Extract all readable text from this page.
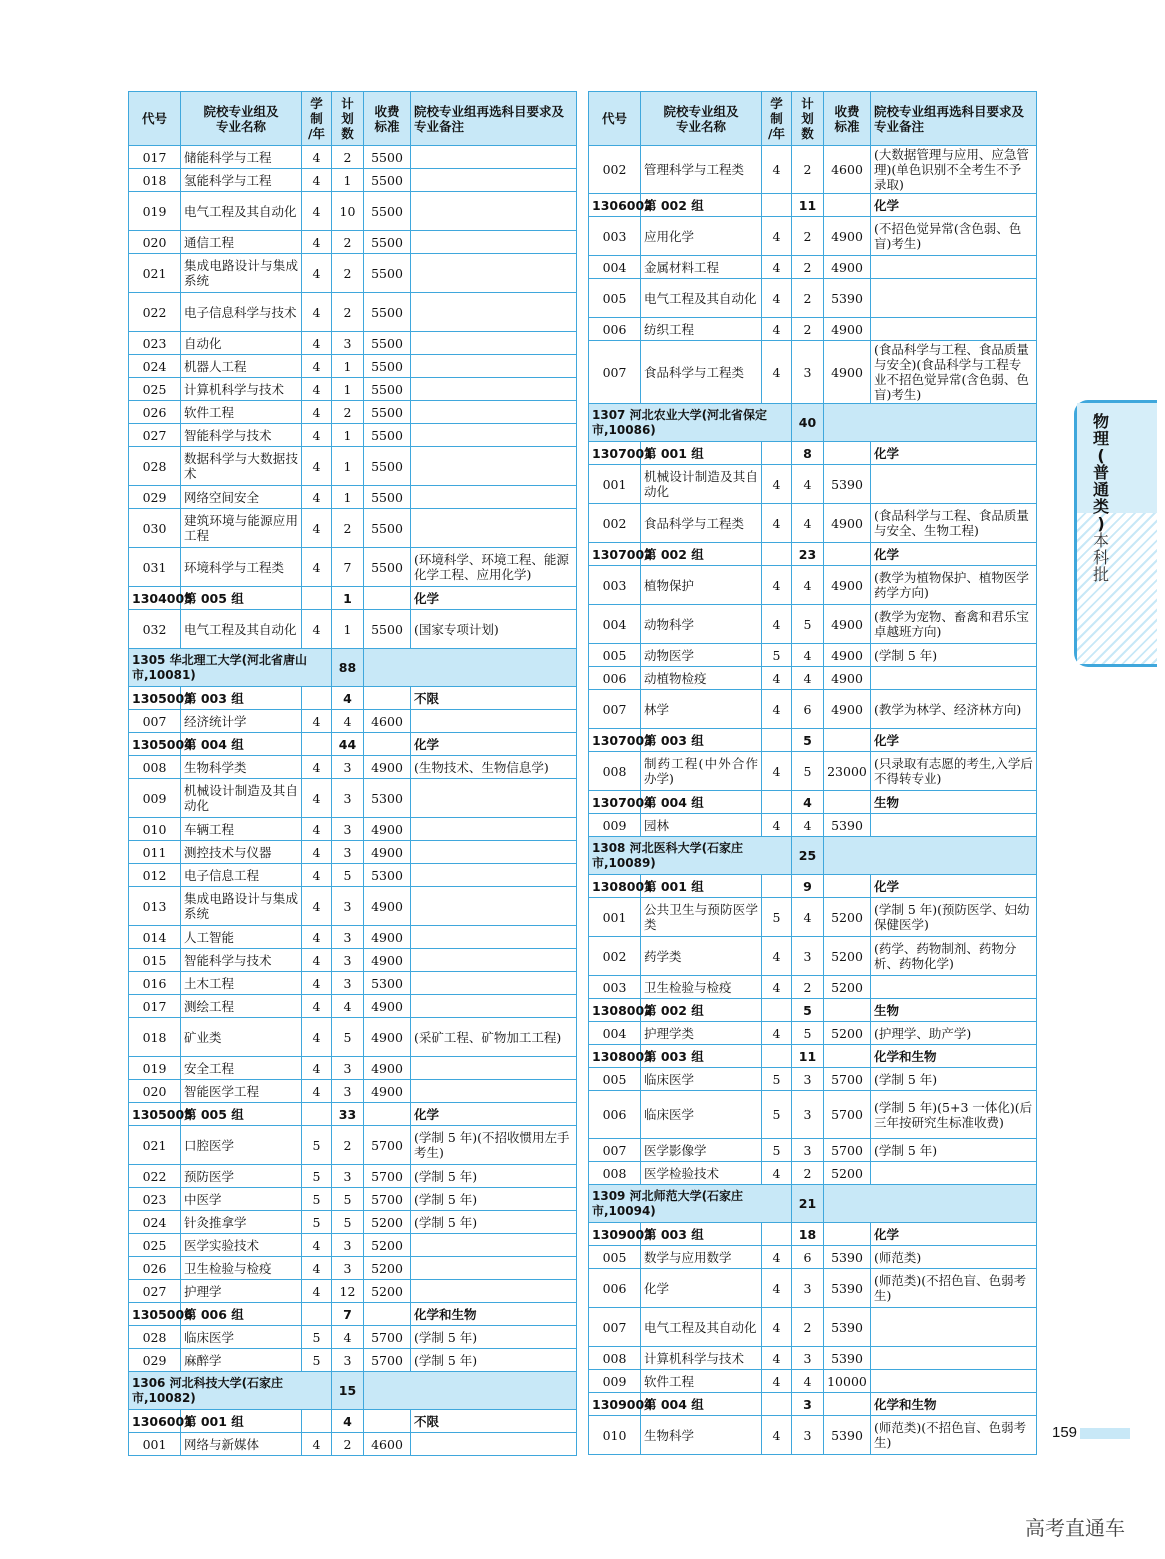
代号	院校专业组及
专业名称	学
制
/年	计
划
数	收费
标准	院校专业组再选科目要求及专业备注
017	储能科学与工程	4	2	5500	
018	氢能科学与工程	4	1	5500	
019	电气工程及其自动化	4	10	5500	
020	通信工程	4	2	5500	
021	集成电路设计与集成系统	4	2	5500	
022	电子信息科学与技术	4	2	5500	
023	自动化	4	3	5500	
024	机器人工程	4	1	5500	
025	计算机科学与技术	4	1	5500	
026	软件工程	4	2	5500	
027	智能科学与技术	4	1	5500	
028	数据科学与大数据技术	4	1	5500	
029	网络空间安全	4	1	5500	
030	建筑环境与能源应用工程	4	2	5500	
031	环境科学与工程类	4	7	5500	(环境科学、环境工程、能源化学工程、应用化学)
1304005	第 005 组		1		化学
032	电气工程及其自动化	4	1	5500	(国家专项计划)
1305 华北理工大学(河北省唐山市,10081)			88		
1305003	第 003 组		4		不限
007	经济统计学	4	4	4600	
1305004	第 004 组		44		化学
008	生物科学类	4	3	4900	(生物技术、生物信息学)
009	机械设计制造及其自动化	4	3	5300	
010	车辆工程	4	3	4900	
011	测控技术与仪器	4	3	4900	
012	电子信息工程	4	5	5300	
013	集成电路设计与集成系统	4	3	4900	
014	人工智能	4	3	4900	
015	智能科学与技术	4	3	4900	
016	土木工程	4	3	5300	
017	测绘工程	4	4	4900	
018	矿业类	4	5	4900	(采矿工程、矿物加工工程)
019	安全工程	4	3	4900	
020	智能医学工程	4	3	4900	
1305005	第 005 组		33		化学
021	口腔医学	5	2	5700	(学制 5 年)(不招收惯用左手考生)
022	预防医学	5	3	5700	(学制 5 年)
023	中医学	5	5	5700	(学制 5 年)
024	针灸推拿学	5	5	5200	(学制 5 年)
025	医学实验技术	4	3	5200	
026	卫生检验与检疫	4	3	5200	
027	护理学	4	12	5200	
1305006	第 006 组		7		化学和生物
028	临床医学	5	4	5700	(学制 5 年)
029	麻醉学	5	3	5700	(学制 5 年)
1306 河北科技大学(石家庄市,10082)			15		
1306001	第 001 组		4		不限
001	网络与新媒体	4	2	4600	
代号	院校专业组及
专业名称	学
制
/年	计
划
数	收费
标准	院校专业组再选科目要求及专业备注
002	管理科学与工程类	4	2	4600	(大数据管理与应用、应急管理)(单色识别不全考生不予录取)
1306002	第 002 组		11		化学
003	应用化学	4	2	4900	(不招色觉异常(含色弱、色盲)考生)
004	金属材料工程	4	2	4900	
005	电气工程及其自动化	4	2	5390	
006	纺织工程	4	2	4900	
007	食品科学与工程类	4	3	4900	(食品科学与工程、食品质量与安全)(食品科学与工程专业不招色觉异常(含色弱、色盲)考生)
1307 河北农业大学(河北省保定市,10086)			40		
1307001	第 001 组		8		化学
001	机械设计制造及其自动化	4	4	5390	
002	食品科学与工程类	4	4	4900	(食品科学与工程、食品质量与安全、生物工程)
1307002	第 002 组		23		化学
003	植物保护	4	4	4900	(教学为植物保护、植物医学药学方向)
004	动物科学	4	5	4900	(教学为宠物、畜禽和君乐宝卓越班方向)
005	动物医学	5	4	4900	(学制 5 年)
006	动植物检疫	4	4	4900	
007	林学	4	6	4900	(教学为林学、经济林方向)
1307003	第 003 组		5		化学
008	制药工程(中外合作办学)	4	5	23000	(只录取有志愿的考生,入学后不得转专业)
1307004	第 004 组		4		生物
009	园林	4	4	5390	
1308 河北医科大学(石家庄市,10089)			25		
1308001	第 001 组		9		化学
001	公共卫生与预防医学类	5	4	5200	(学制 5 年)(预防医学、妇幼保健医学)
002	药学类	4	3	5200	(药学、药物制剂、药物分析、药物化学)
003	卫生检验与检疫	4	2	5200	
1308002	第 002 组		5		生物
004	护理学类	4	5	5200	(护理学、助产学)
1308003	第 003 组		11		化学和生物
005	临床医学	5	3	5700	(学制 5 年)
006	临床医学	5	3	5700	(学制 5 年)(5+3 一体化)(后三年按研究生标准收费)
007	医学影像学	5	3	5700	(学制 5 年)
008	医学检验技术	4	2	5200	
1309 河北师范大学(石家庄市,10094)			21		
1309003	第 003 组		18		化学
005	数学与应用数学	4	6	5390	(师范类)
006	化学	4	3	5390	(师范类)(不招色盲、色弱考生)
007	电气工程及其自动化	4	2	5390	
008	计算机科学与技术	4	3	5390	
009	软件工程	4	4	10000	
1309004	第 004 组		3		化学和生物
010	生物科学	4	3	5390	(师范类)(不招色盲、色弱考生)
物
理
(
普
通
类
)
本
科
批
159
高考直通车
